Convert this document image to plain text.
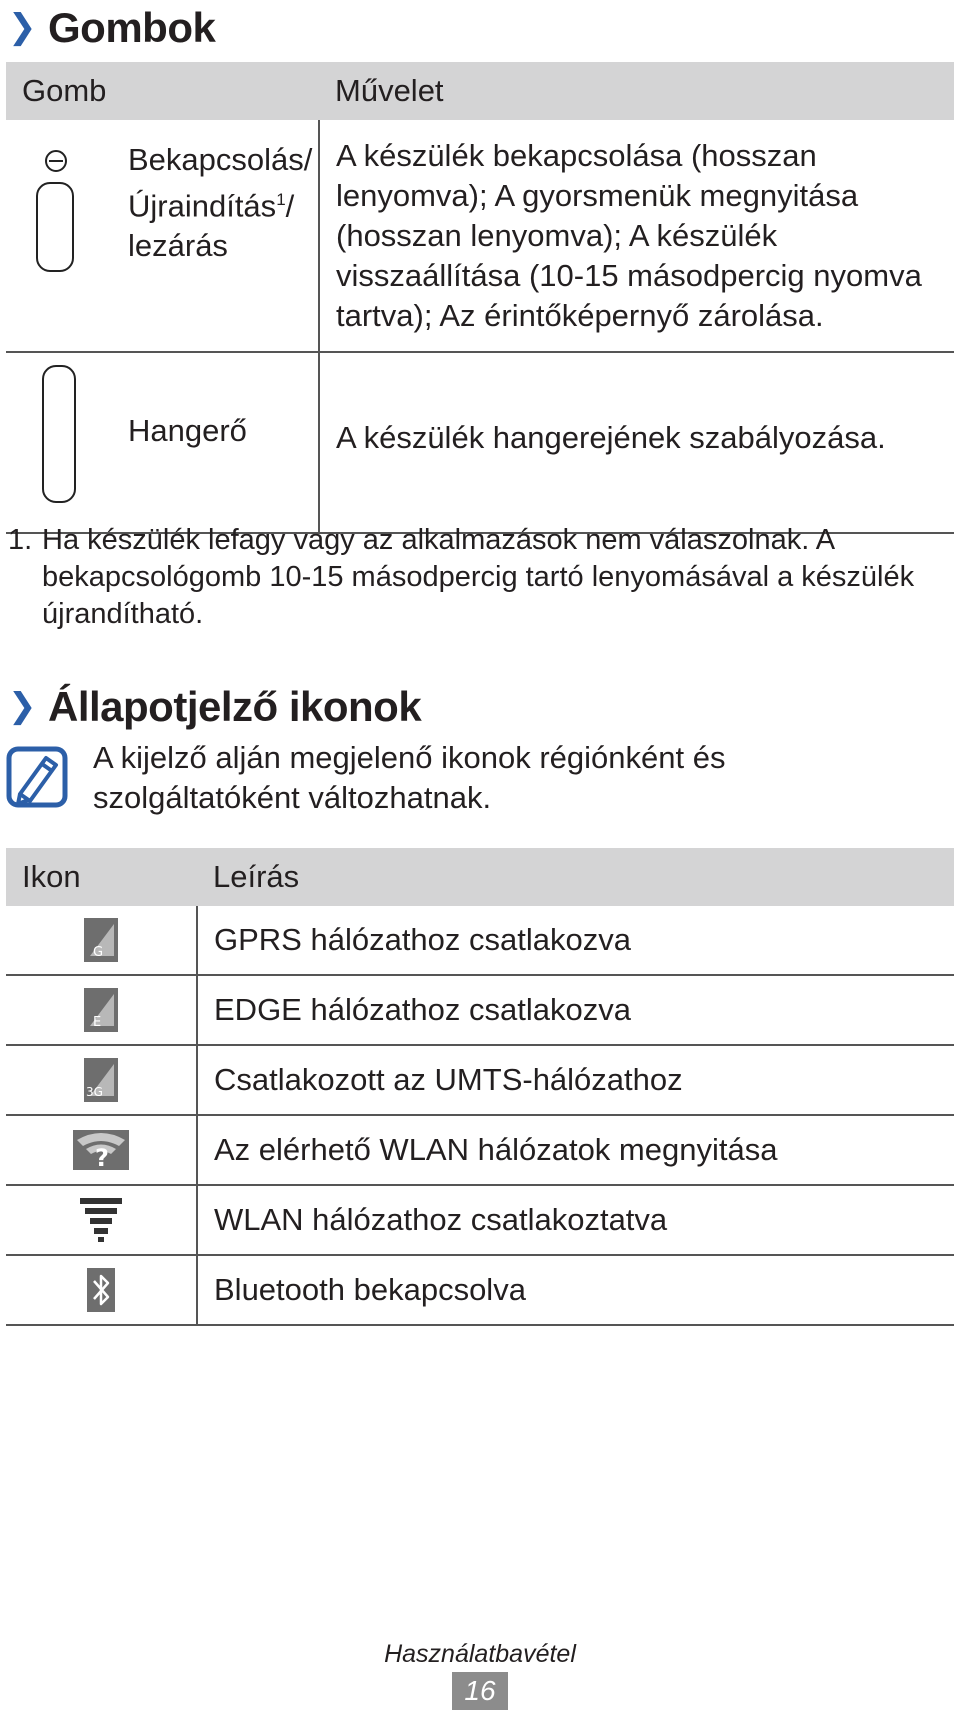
❯ Gombok
Gomb	Művelet

Bekapcsolás/
Újraindítás$^1$/
lezárás	A készülék bekapcsolása (hosszan lenyomva); A gyorsmenük megnyitása (hosszan lenyomva); A készülék visszaállítása (10-15 másodpercig nyomva tartva); Az érintőképernyő zárolása.

Hangerő	A készülék hangerejének szabályozása.
1. Ha készülék lefagy vagy az alkalmazások nem válaszolnak. A bekapcsológomb 10-15 másodpercig tartó lenyomásával a készülék újrandítható.
❯ Állapotjelző ikonok
A kijelző alján megjelenő ikonok régiónként és szolgáltatóként változhatnak.
Ikon	Leírás

G	GPRS hálózathoz csatlakozva

E	EDGE hálózathoz csatlakozva

3G	Csatlakozott az UMTS-hálózathoz

?	Az elérhető WLAN hálózatok megnyitása
	WLAN hálózathoz csatlakoztatva
	Bluetooth bekapcsolva
Használatbavétel
16
